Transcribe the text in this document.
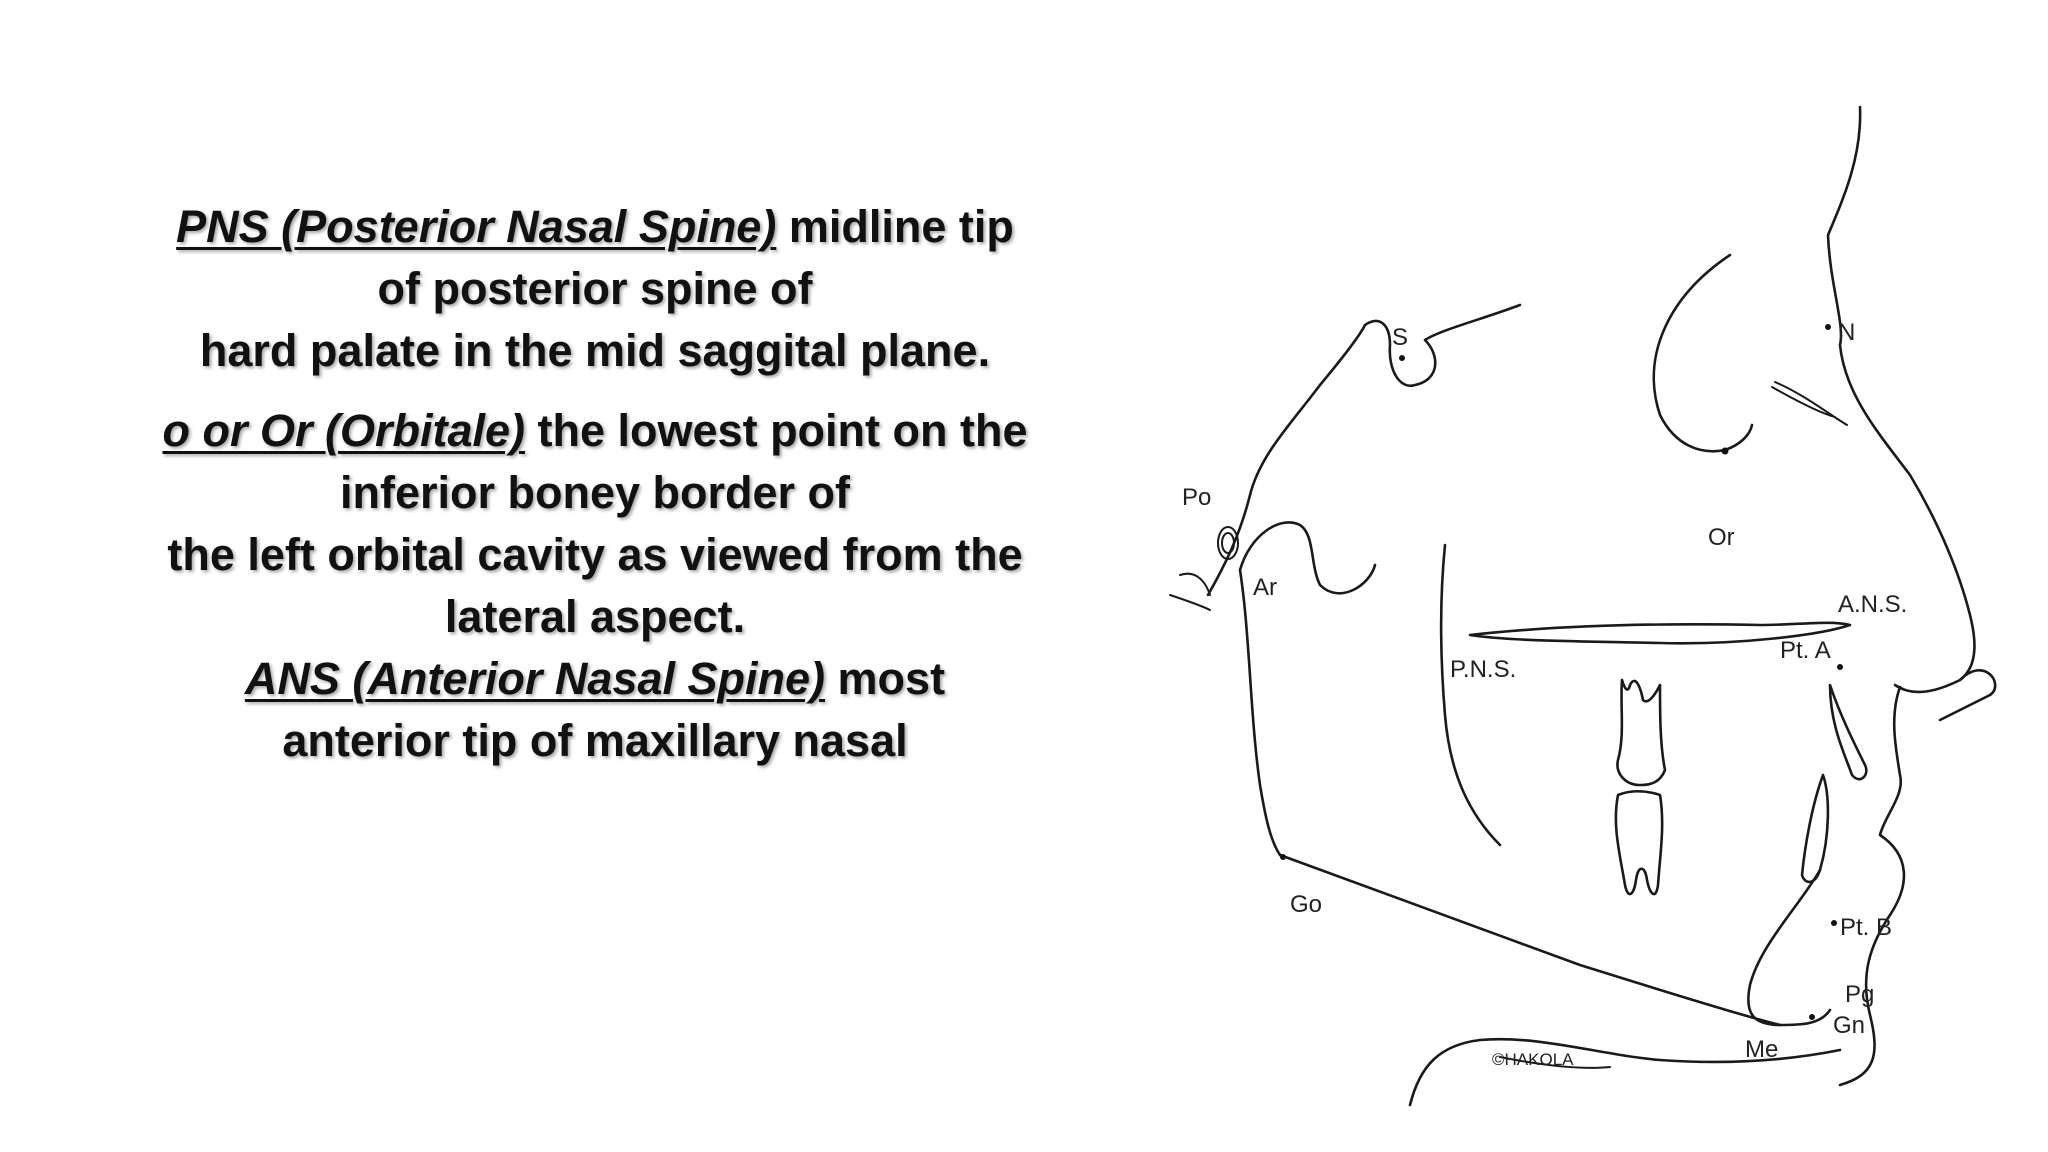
PNS (Posterior Nasal Spine) midline tip
of posterior spine of
hard palate in the mid saggital plane.

o or Or (Orbitale) the lowest point on the
inferior boney border of
the left orbital cavity as viewed from the
lateral aspect.

ANS (Anterior Nasal Spine) most
anterior tip of maxillary nasal

S	N
Po
Or
Ar
A.N.S.
P.N.S.
Pt. A
Go
Pt. B
Pg
Gn
Me
©HAKOLA
